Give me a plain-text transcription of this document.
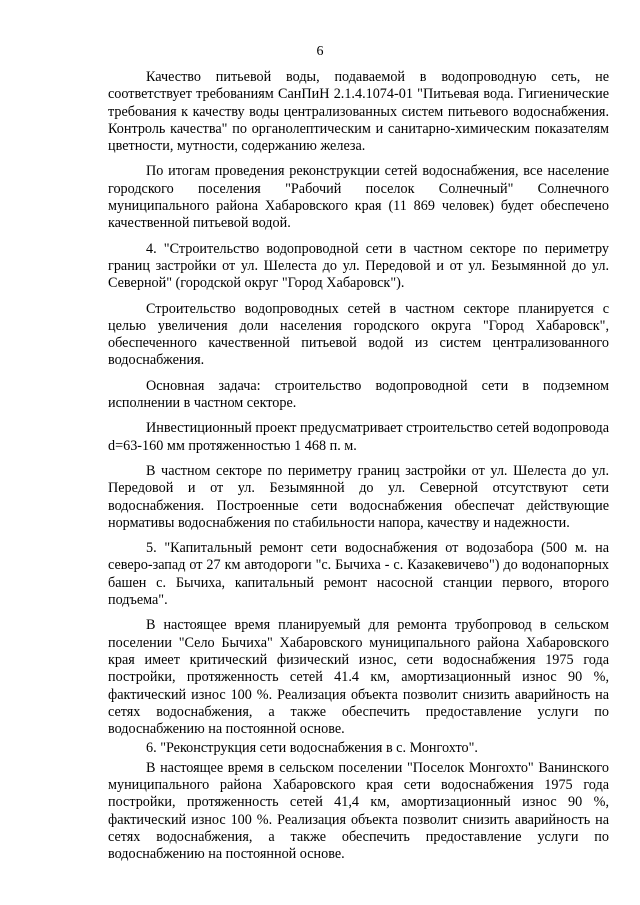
6

Качество питьевой воды, подаваемой в водопроводную сеть, не соответствует требованиям СанПиН 2.1.4.1074-01 "Питьевая вода. Гигиенические требования к качеству воды централизованных систем питьевого водоснабжения. Контроль качества" по органолептическим и санитарно-химическим показателям цветности, мутности, содержанию железа.

По итогам проведения реконструкции сетей водоснабжения, все население городского поселения "Рабочий поселок Солнечный" Солнечного муниципального района Хабаровского края (11 869 человек) будет обеспечено качественной питьевой водой.

4. "Строительство водопроводной сети в частном секторе по периметру границ застройки от ул. Шелеста до ул. Передовой и от ул. Безымянной до ул. Северной" (городской округ "Город Хабаровск").

Строительство водопроводных сетей в частном секторе планируется с целью увеличения доли населения городского округа "Город Хабаровск", обеспеченного качественной питьевой водой из систем централизованного водоснабжения.

Основная задача: строительство водопроводной сети в подземном исполнении в частном секторе.

Инвестиционный проект предусматривает строительство сетей водопровода d=63-160 мм протяженностью 1 468 п. м.

В частном секторе по периметру границ застройки от ул. Шелеста до ул. Передовой и от ул. Безымянной до ул. Северной отсутствуют сети водоснабжения. Построенные сети водоснабжения обеспечат действующие нормативы водоснабжения по стабильности напора, качеству и надежности.

5. "Капитальный ремонт сети водоснабжения от водозабора (500 м. на северо-запад от 27 км автодороги "с. Бычиха - с. Казакевичево") до водонапорных башен с. Бычиха, капитальный ремонт насосной станции первого, второго подъема".

В настоящее время планируемый для ремонта трубопровод в сельском поселении "Село Бычиха" Хабаровского муниципального района Хабаровского края имеет критический физический износ, сети водоснабжения 1975 года постройки, протяженность сетей 41.4 км, амортизационный износ 90 %, фактический износ 100 %. Реализация объекта позволит снизить аварийность на сетях водоснабжения, а также обеспечить предоставление услуги по водоснабжению на постоянной основе.

6. "Реконструкция сети водоснабжения в с. Монгохто".

В настоящее время в сельском поселении "Поселок Монгохто" Ванинского муниципального района Хабаровского края сети водоснабжения 1975 года постройки, протяженность сетей 41,4 км, амортизационный износ 90 %, фактический износ 100 %. Реализация объекта позволит снизить аварийность на сетях водоснабжения, а также обеспечить предоставление услуги по водоснабжению на постоянной основе.
